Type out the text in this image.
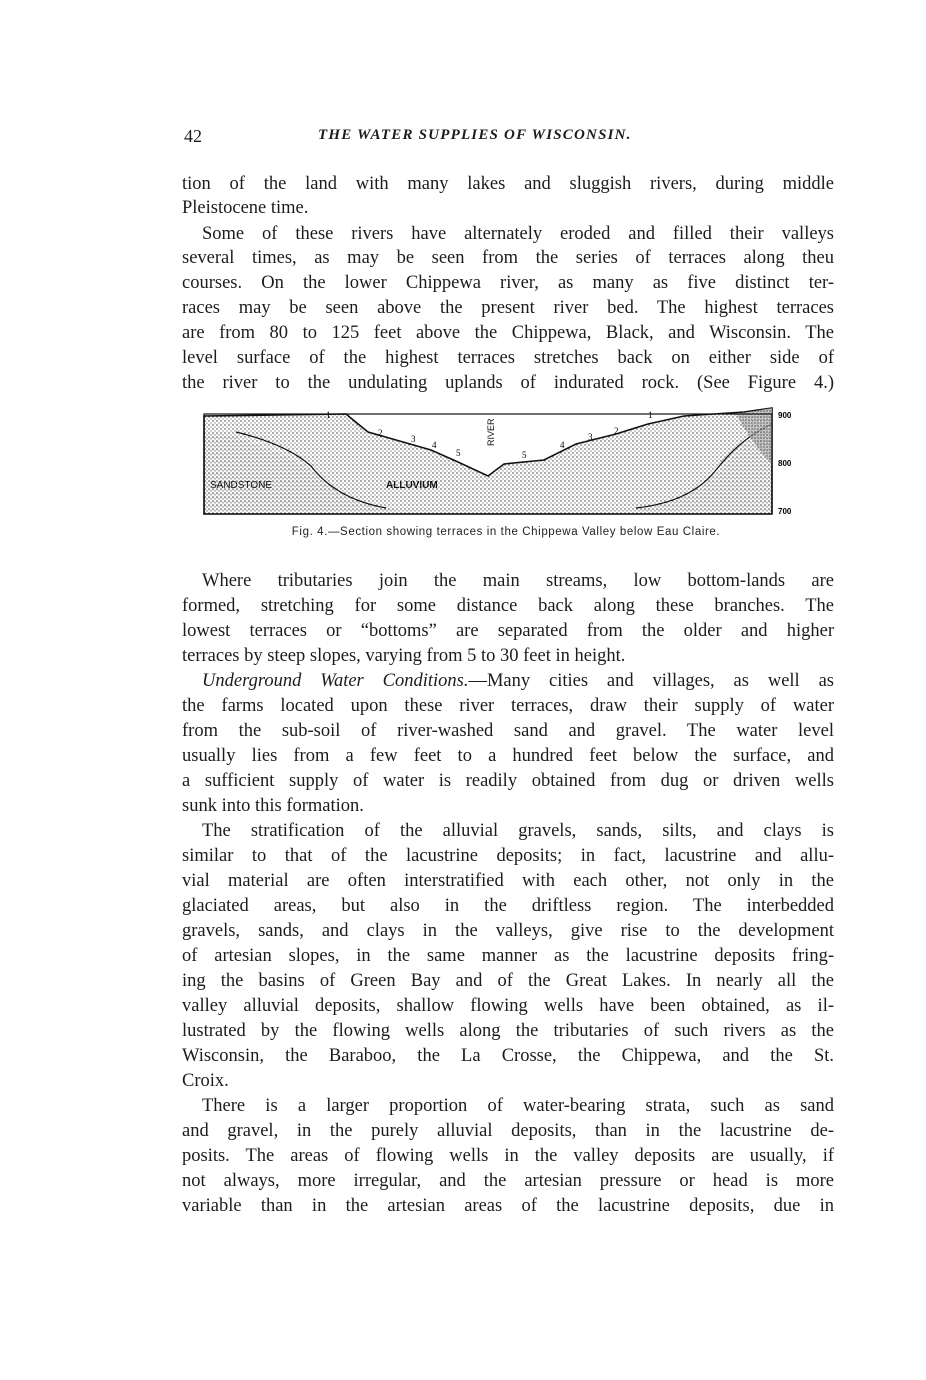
42	THE WATER SUPPLIES OF WISCONSIN.
tion of the land with many lakes and sluggish rivers, during middle
Pleistocene time.
Some of these rivers have alternately eroded and filled their valleys
several times, as may be seen from the series of terraces along theu
courses. On the lower Chippewa river, as many as five distinct ter-
races may be seen above the present river bed. The highest terraces
are from 80 to 125 feet above the Chippewa, Black, and Wisconsin. The
level surface of the highest terraces stretches back on either side of
the river to the undulating uplands of indurated rock. (See Figure 4.)
SANDSTONE	ALLUVIUM
RIVER
1
2
3
4
5	5
4
3
2
1	900
800
700
Fig. 4.—Section showing terraces in the Chippewa Valley below Eau Claire.
Where tributaries join the main streams, low bottom-lands are
formed, stretching for some distance back along these branches. The
lowest terraces or “bottoms” are separated from the older and higher
terraces by steep slopes, varying from 5 to 30 feet in height.
Underground Water Conditions.—Many cities and villages, as well as
the farms located upon these river terraces, draw their supply of water
from the sub-soil of river-washed sand and gravel. The water level
usually lies from a few feet to a hundred feet below the surface, and
a sufficient supply of water is readily obtained from dug or driven wells
sunk into this formation.
The stratification of the alluvial gravels, sands, silts, and clays is
similar to that of the lacustrine deposits; in fact, lacustrine and allu-
vial material are often interstratified with each other, not only in the
glaciated areas, but also in the driftless region. The interbedded
gravels, sands, and clays in the valleys, give rise to the development
of artesian slopes, in the same manner as the lacustrine deposits fring-
ing the basins of Green Bay and of the Great Lakes. In nearly all the
valley alluvial deposits, shallow flowing wells have been obtained, as il-
lustrated by the flowing wells along the tributaries of such rivers as the
Wisconsin, the Baraboo, the La Crosse, the Chippewa, and the St.
Croix.
There is a larger proportion of water-bearing strata, such as sand
and gravel, in the purely alluvial deposits, than in the lacustrine de-
posits. The areas of flowing wells in the valley deposits are usually, if
not always, more irregular, and the artesian pressure or head is more
variable than in the artesian areas of the lacustrine deposits, due in
